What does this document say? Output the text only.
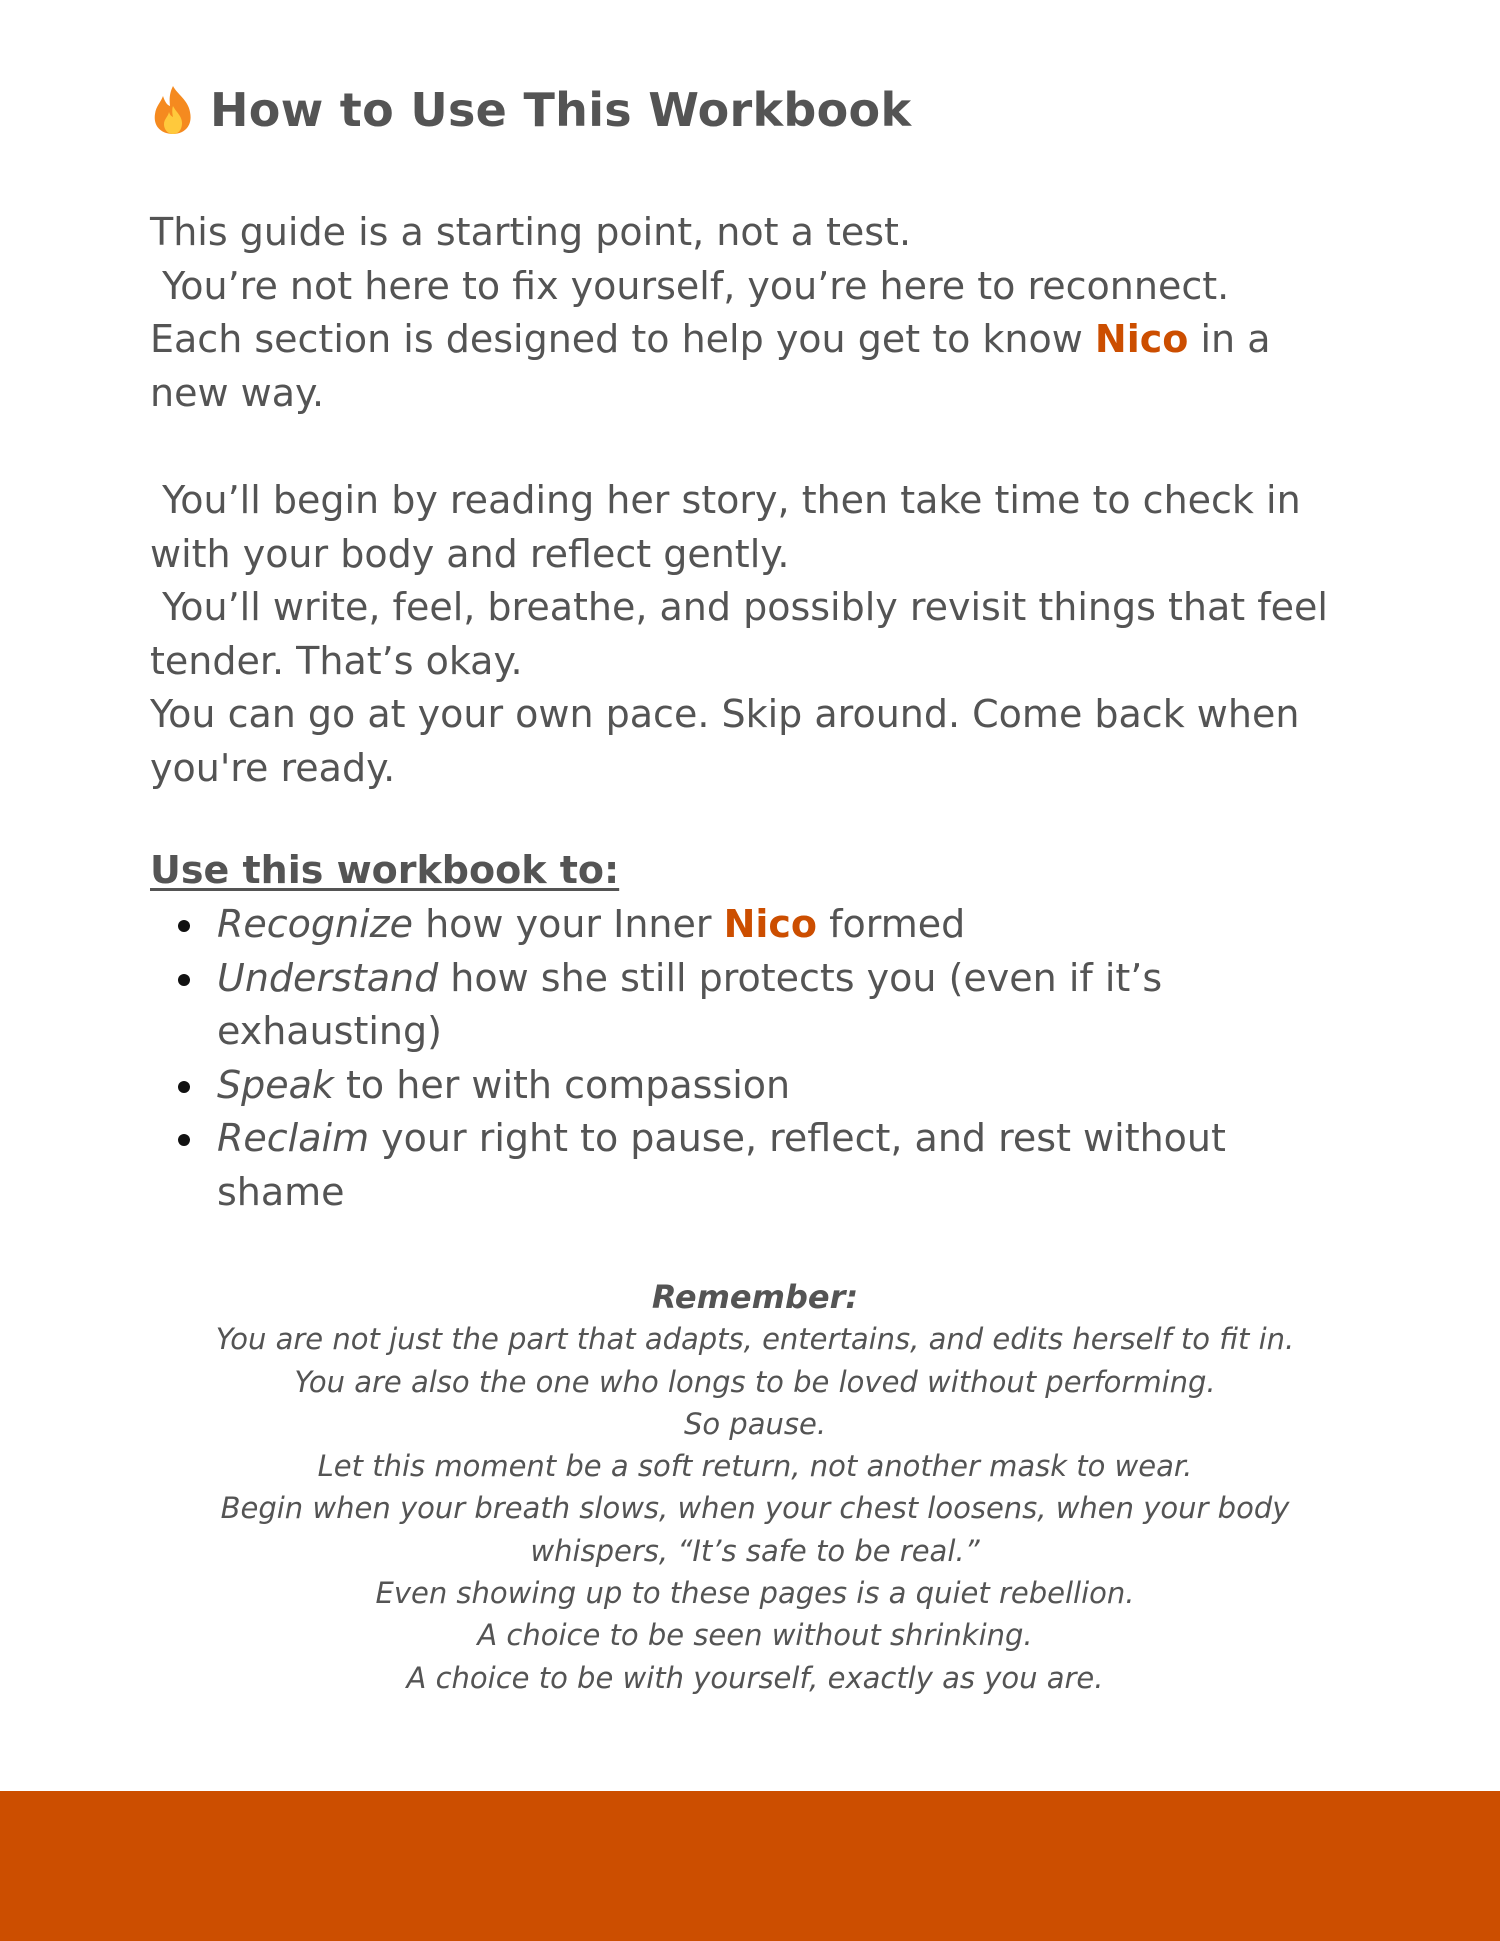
How to Use This Workbook

This guide is a starting point, not a test.

You’re not here to fix yourself, you’re here to reconnect.

Each section is designed to help you get to know Nico in a new way.

You’ll begin by reading her story, then take time to check in with your body and reflect gently.

You’ll write, feel, breathe, and possibly revisit things that feel tender. That’s okay.

You can go at your own pace. Skip around. Come back when you're ready.

Use this workbook to:
Recognize how your Inner Nico formed
Understand how she still protects you (even if it’s exhausting)
Speak to her with compassion
Reclaim your right to pause, reflect, and rest without shame

Remember:

You are not just the part that adapts, entertains, and edits herself to fit in.

You are also the one who longs to be loved without performing.

So pause.

Let this moment be a soft return, not another mask to wear.

Begin when your breath slows, when your chest loosens, when your body whispers, “It’s safe to be real.”

Even showing up to these pages is a quiet rebellion.

A choice to be seen without shrinking.

A choice to be with yourself, exactly as you are.
